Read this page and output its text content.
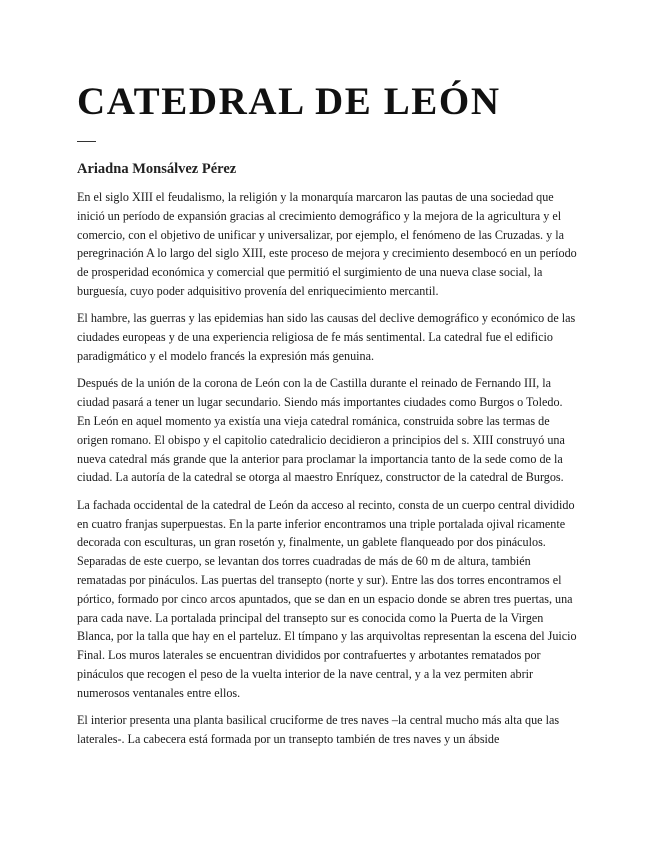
CATEDRAL DE LEÓN
Ariadna Monsálvez Pérez

En el siglo XIII el feudalismo, la religión y la monarquía marcaron las pautas de una sociedad que inició un período de expansión gracias al crecimiento demográfico y la mejora de la agricultura y el comercio, con el objetivo de unificar y universalizar, por ejemplo, el fenómeno de las Cruzadas. y la peregrinación A lo largo del siglo XIII, este proceso de mejora y crecimiento desembocó en un período de prosperidad económica y comercial que permitió el surgimiento de una nueva clase social, la burguesía, cuyo poder adquisitivo provenía del enriquecimiento mercantil.

El hambre, las guerras y las epidemias han sido las causas del declive demográfico y económico de las ciudades europeas y de una experiencia religiosa de fe más sentimental. La catedral fue el edificio paradigmático y el modelo francés la expresión más genuina.

Después de la unión de la corona de León con la de Castilla durante el reinado de Fernando III, la ciudad pasará a tener un lugar secundario. Siendo más importantes ciudades como Burgos o Toledo. En León en aquel momento ya existía una vieja catedral románica, construida sobre las termas de origen romano. El obispo y el capitolio catedralicio decidieron a principios del s. XIII construyó una nueva catedral más grande que la anterior para proclamar la importancia tanto de la sede como de la ciudad. La autoría de la catedral se otorga al maestro Enríquez, constructor de la catedral de Burgos.

La fachada occidental de la catedral de León da acceso al recinto, consta de un cuerpo central dividido en cuatro franjas superpuestas. En la parte inferior encontramos una triple portalada ojival ricamente decorada con esculturas, un gran rosetón y, finalmente, un gablete flanqueado por dos pináculos. Separadas de este cuerpo, se levantan dos torres cuadradas de más de 60 m de altura, también rematadas por pináculos. Las puertas del transepto (norte y sur). Entre las dos torres encontramos el pórtico, formado por cinco arcos apuntados, que se dan en un espacio donde se abren tres puertas, una para cada nave. La portalada principal del transepto sur es conocida como la Puerta de la Virgen Blanca, por la talla que hay en el parteluz. El tímpano y las arquivoltas representan la escena del Juicio Final. Los muros laterales se encuentran divididos por contrafuertes y arbotantes rematados por pináculos que recogen el peso de la vuelta interior de la nave central, y a la vez permiten abrir numerosos ventanales entre ellos.

El interior presenta una planta basilical cruciforme de tres naves –la central mucho más alta que las laterales-. La cabecera está formada por un transepto también de tres naves y un ábside
